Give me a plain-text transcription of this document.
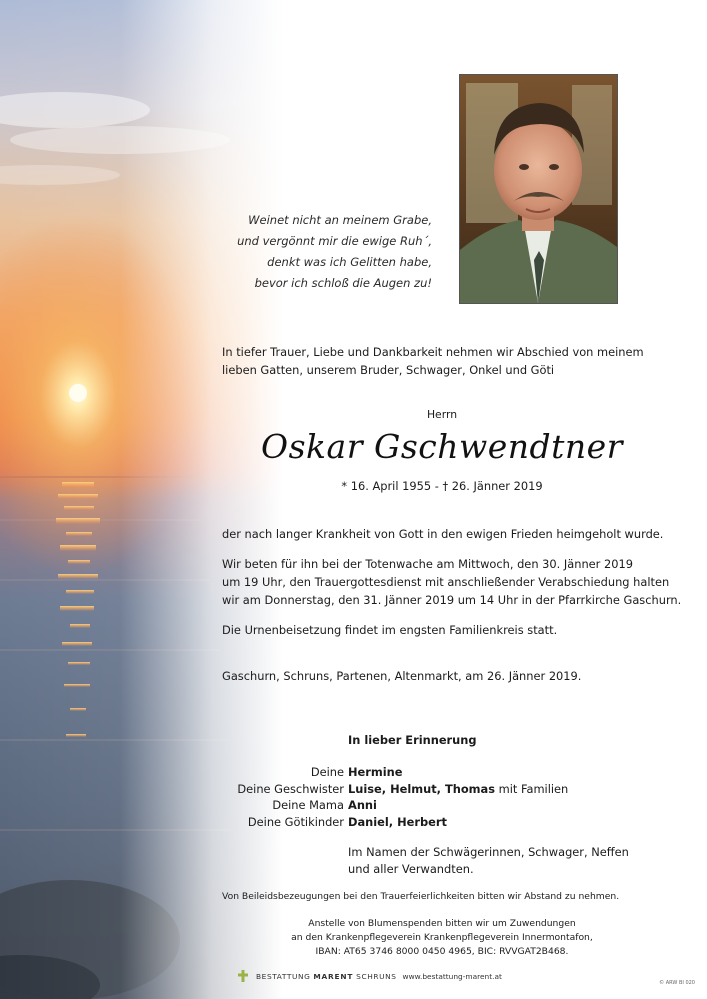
Weinet nicht an meinem Grabe,
und vergönnt mir die ewige Ruh´,
denkt was ich Gelitten habe,
bevor ich schloß die Augen zu!
In tiefer Trauer, Liebe und Dankbarkeit nehmen wir Abschied von meinem
lieben Gatten, unserem Bruder, Schwager, Onkel und Göti
Herrn
Oskar Gschwendtner
* 16. April 1955 - † 26. Jänner 2019
der nach langer Krankheit von Gott in den ewigen Frieden heimgeholt wurde.
Wir beten für ihn bei der Totenwache am Mittwoch, den 30. Jänner 2019
um 19 Uhr, den Trauergottesdienst mit anschließender Verabschiedung halten
wir am Donnerstag, den 31. Jänner 2019 um 14 Uhr in der Pfarrkirche Gaschurn.
Die Urnenbeisetzung findet im engsten Familienkreis statt.
Gaschurn, Schruns, Partenen, Altenmarkt, am 26. Jänner 2019.
In lieber Erinnerung
Deine Hermine
Deine Geschwister Luise, Helmut, Thomas mit Familien
Deine Mama Anni
Deine Götikinder Daniel, Herbert
Im Namen der Schwägerinnen, Schwager, Neffen
und aller Verwandten.
Von Beileidsbezeugungen bei den Trauerfeierlichkeiten bitten wir Abstand zu nehmen.
Anstelle von Blumenspenden bitten wir um Zuwendungen
an den Krankenpflegeverein Krankenpflegeverein Innermontafon,
IBAN: AT65 3746 8000 0450 4965, BIC: RVVGAT2B468.
BESTATTUNG MARENT SCHRUNS www.bestattung-marent.at
© ARW BI 020
